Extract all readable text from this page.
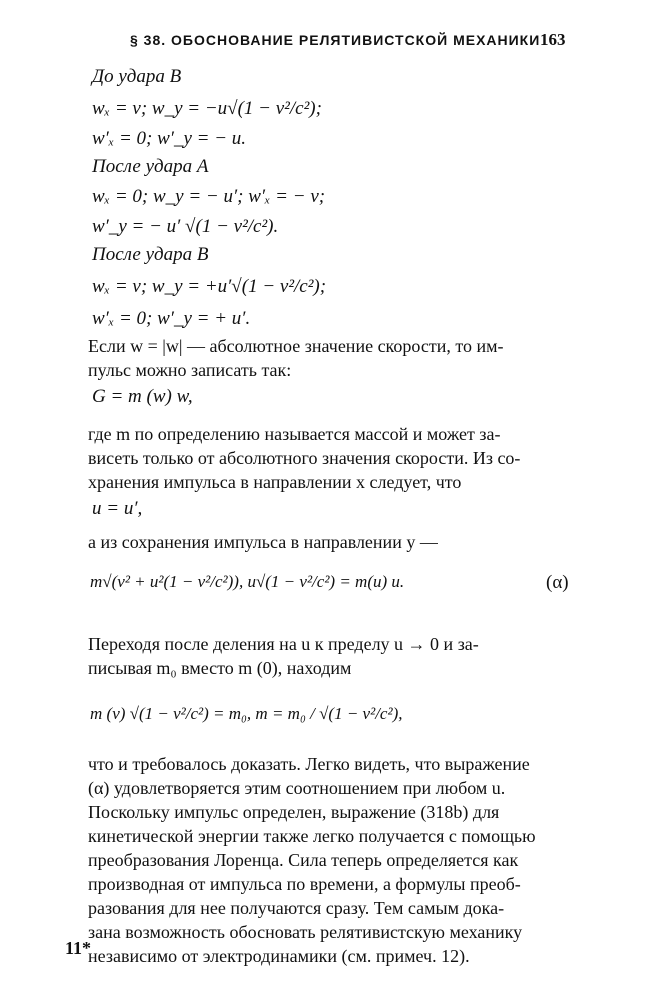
§ 38. ОБОСНОВАНИЕ РЕЛЯТИВИСТСКОЙ МЕХАНИКИ 163
До удара B
wₓ = v; w_y = −u√(1 − v²/c²);
w′ₓ = 0; w′_y = − u.
После удара A
wₓ = 0; w_y = − u′; w′ₓ = − v;
w′_y = − u′ √(1 − v²/c²).
После удара B
wₓ = v; w_y = +u′√(1 − v²/c²);
w′ₓ = 0; w′_y = + u′.
Если w = |w| — абсолютное значение скорости, то им-
пульс можно записать так:
G = m (w) w,
где m по определению называется массой и может за-
висеть только от абсолютного значения скорости. Из со-
хранения импульса в направлении x следует, что
u = u′,
а из сохранения импульса в направлении y —
m√(v² + u²(1 − v²/c²)), u√(1 − v²/c²) = m(u) u.	(α)
Переходя после деления на u к пределу u → 0 и за-
писывая m₀ вместо m (0), находим
m (v) √(1 − v²/c²) = m₀, m = m₀ / √(1 − v²/c²),
что и требовалось доказать. Легко видеть, что выражение
(α) удовлетворяется этим соотношением при любом u.
Поскольку импульс определен, выражение (318b) для
кинетической энергии также легко получается с помощью
преобразования Лоренца. Сила теперь определяется как
производная от импульса по времени, а формулы преоб-
разования для нее получаются сразу. Тем самым дока-
зана возможность обосновать релятивистскую механику
независимо от электродинамики (см. примеч. 12).
11*
